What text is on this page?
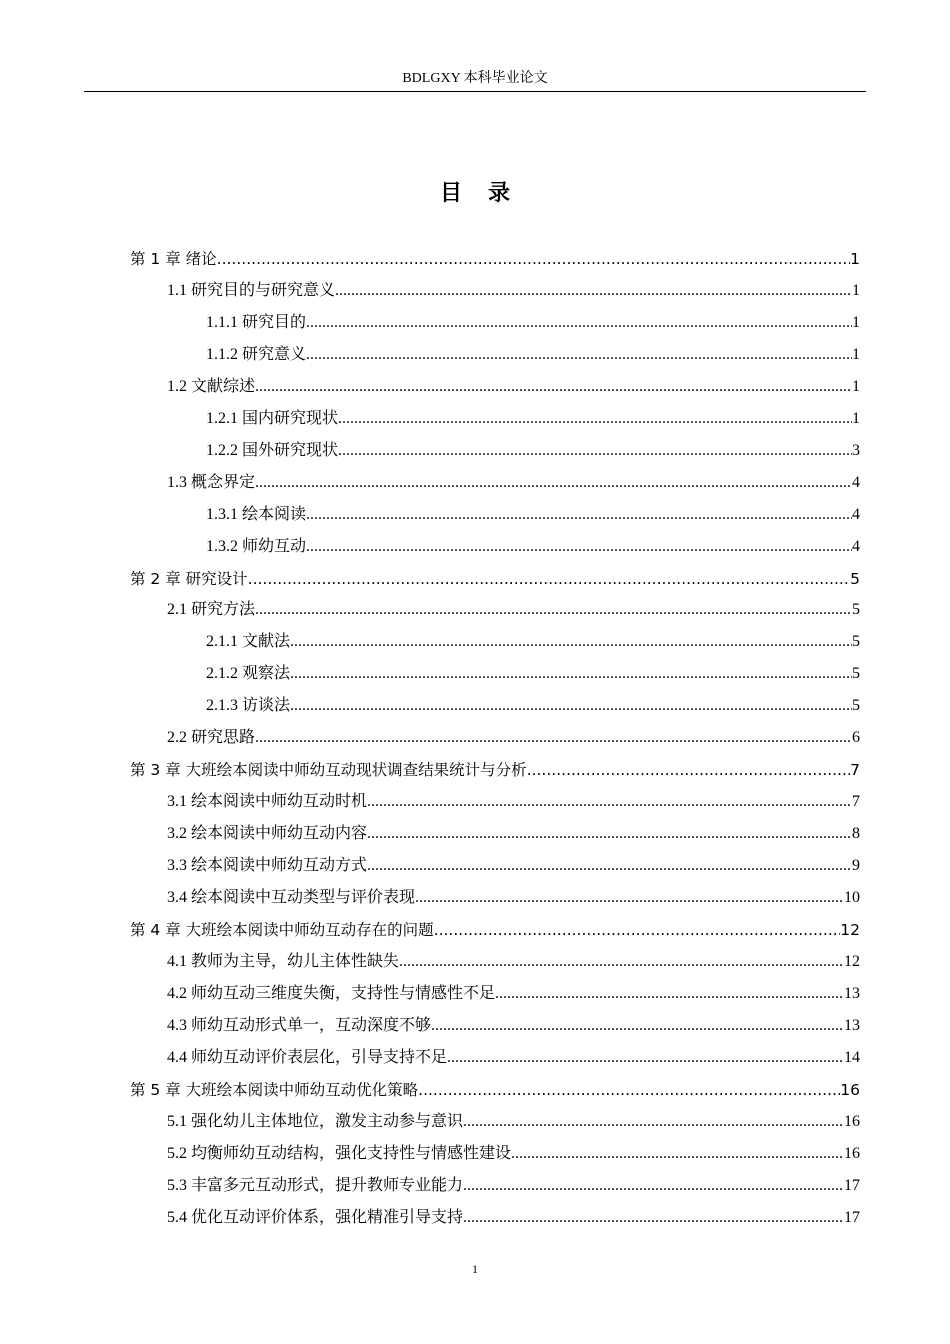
BDLGXY 本科毕业论文
目录
第 1 章 绪论 .....	1
1.1 研究目的与研究意义 .....	1
1.1.1 研究目的 .....	1
1.1.2 研究意义 .....	1
1.2 文献综述 .....	1
1.2.1 国内研究现状 .....	1
1.2.2 国外研究现状 .....	3
1.3 概念界定 .....	4
1.3.1 绘本阅读 .....	4
1.3.2 师幼互动 .....	4
第 2 章 研究设计 .....	5
2.1 研究方法 .....	5
2.1.1 文献法 .....	5
2.1.2 观察法 .....	5
2.1.3 访谈法 .....	5
2.2 研究思路 .....	6
第 3 章 大班绘本阅读中师幼互动现状调查结果统计与分析 .....	7
3.1 绘本阅读中师幼互动时机 .....	7
3.2 绘本阅读中师幼互动内容 .....	8
3.3 绘本阅读中师幼互动方式 .....	9
3.4 绘本阅读中互动类型与评价表现 .....	10
第 4 章 大班绘本阅读中师幼互动存在的问题 .....	12
4.1 教师为主导，幼儿主体性缺失 .....	12
4.2 师幼互动三维度失衡，支持性与情感性不足 .....	13
4.3 师幼互动形式单一，互动深度不够 .....	13
4.4 师幼互动评价表层化，引导支持不足 .....	14
第 5 章 大班绘本阅读中师幼互动优化策略 .....	16
5.1 强化幼儿主体地位，激发主动参与意识 .....	16
5.2 均衡师幼互动结构，强化支持性与情感性建设 .....	16
5.3 丰富多元互动形式，提升教师专业能力 .....	17
5.4 优化互动评价体系，强化精准引导支持 .....	17
1
